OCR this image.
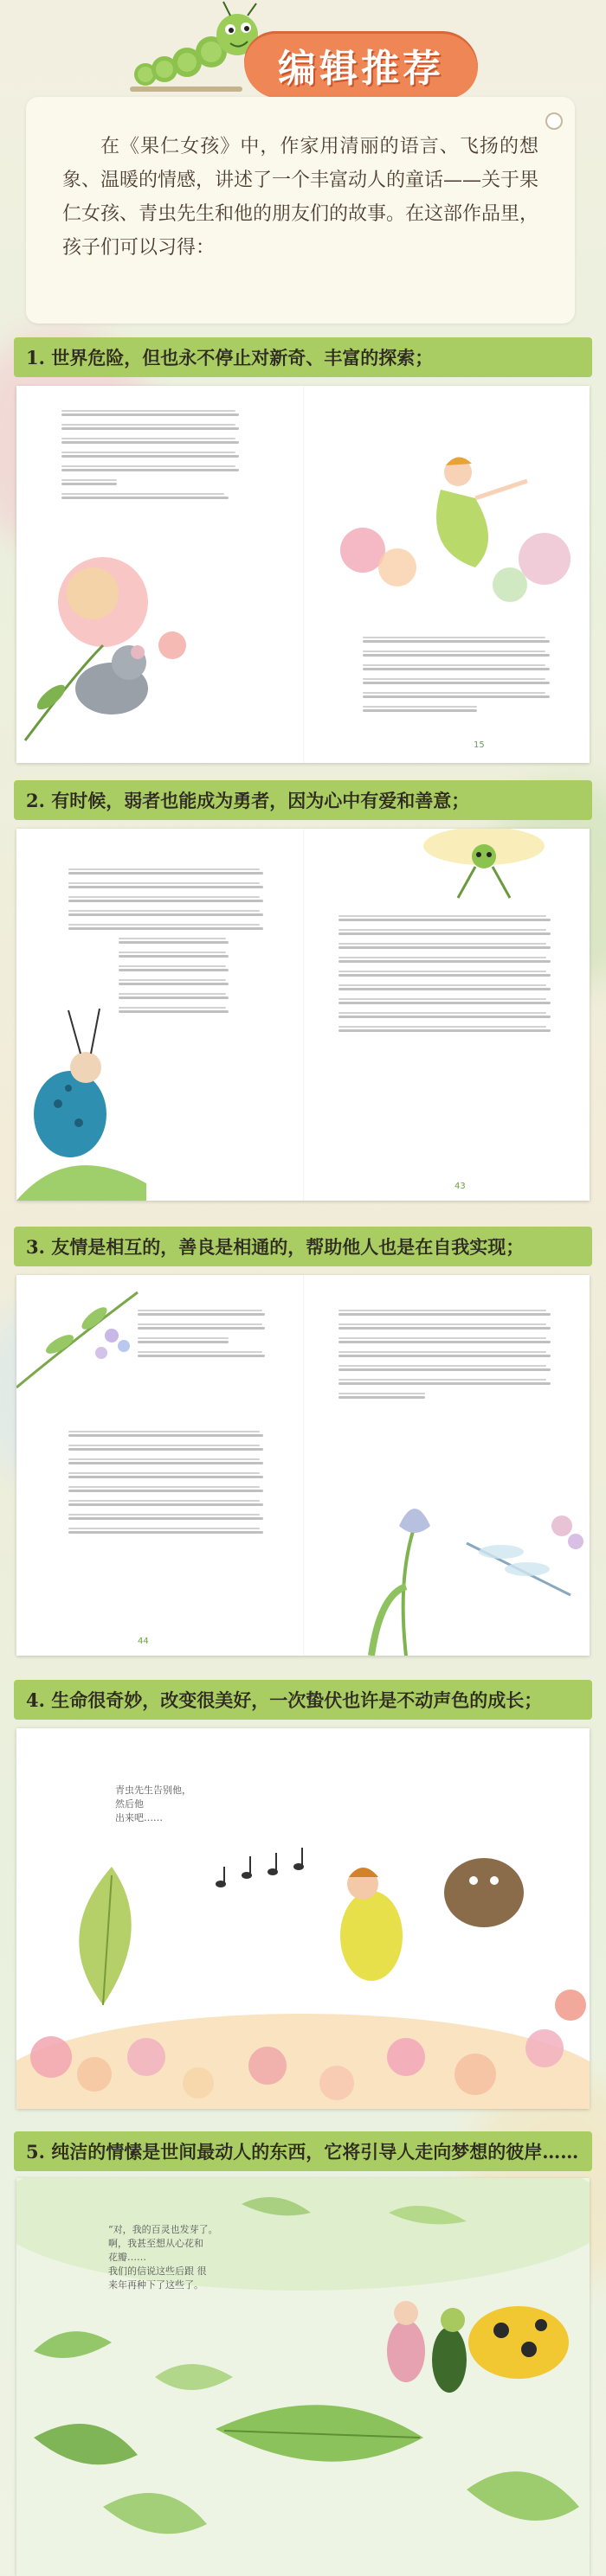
编辑推荐

在《果仁女孩》中，作家用清丽的语言、飞扬的想象、温暖的情感，讲述了一个丰富动人的童话——关于果仁女孩、青虫先生和他的朋友们的故事。在这部作品里，孩子们可以习得：

1. 世界危险，但也永不停止对新奇、丰富的探索；
15
2. 有时候，弱者也能成为勇者，因为心中有爱和善意；
43
3. 友情是相互的，善良是相通的，帮助他人也是在自我实现；
44
4. 生命很奇妙，改变很美好，一次蛰伏也许是不动声色的成长；
青虫先生告别他，
然后他
出来吧……
5. 纯洁的情愫是世间最动人的东西，它将引导人走向梦想的彼岸……
“对，我的百灵也发芽了。
啊，我甚至想从心花和
花瓣……
我们的信说这些后跟 很
来年再种下了这些了。
